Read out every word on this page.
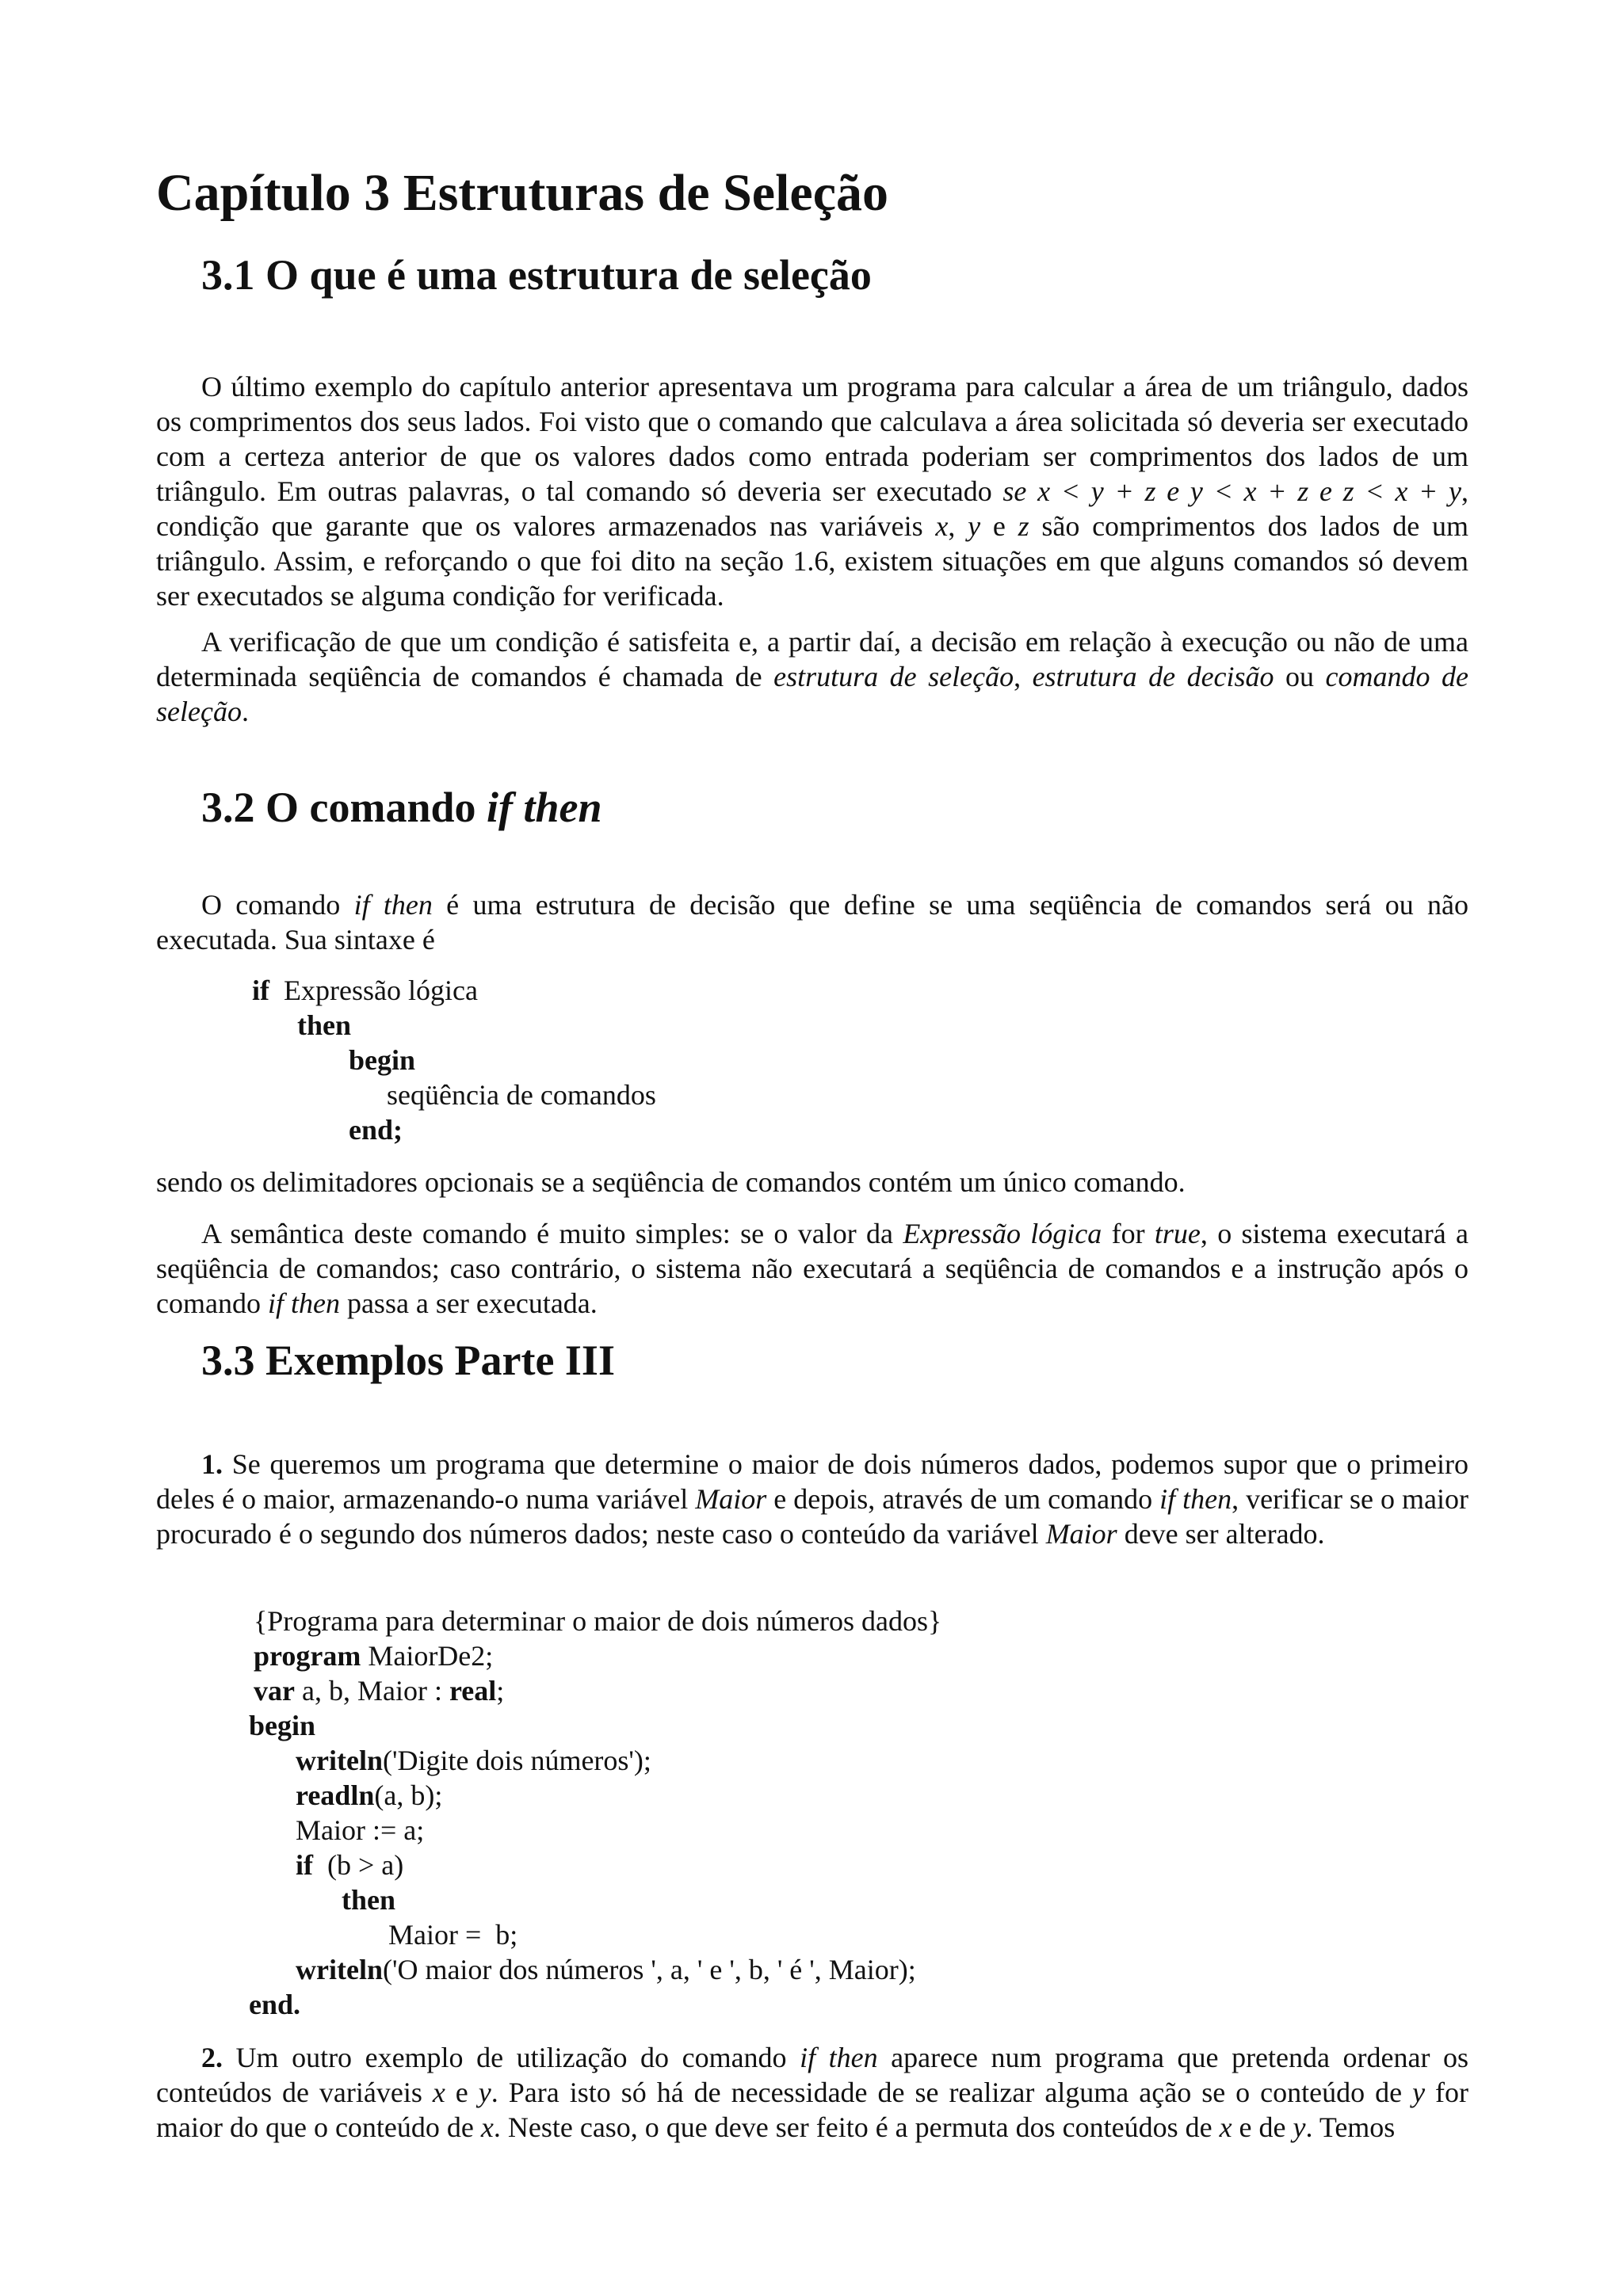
Capítulo 3 Estruturas de Seleção
3.1 O que é uma estrutura de seleção

O último exemplo do capítulo anterior apresentava um programa para calcular a área de um triângulo, dados os comprimentos dos seus lados. Foi visto que o comando que calculava a área solicitada só deveria ser executado com a certeza anterior de que os valores dados como entrada poderiam ser comprimentos dos lados de um triângulo. Em outras palavras, o tal comando só deveria ser executado se x < y + z e y < x + z e z < x + y, condição que garante que os valores armazenados nas variáveis x, y e z são comprimentos dos lados de um triângulo. Assim, e reforçando o que foi dito na seção 1.6, existem situações em que alguns comandos só devem ser executados se alguma condição for verificada.

A verificação de que um condição é satisfeita e, a partir daí, a decisão em relação à execução ou não de uma determinada seqüência de comandos é chamada de estrutura de seleção, estrutura de decisão ou comando de seleção.

3.2 O comando if then

O comando if then é uma estrutura de decisão que define se uma seqüência de comandos será ou não executada. Sua sintaxe é

if  Expressão lógica
then
begin
seqüência de comandos
end;

sendo os delimitadores opcionais se a seqüência de comandos contém um único comando.

A semântica deste comando é muito simples: se o valor da Expressão lógica for true, o sistema executará a seqüência de comandos; caso contrário, o sistema não executará a seqüência de comandos e a instrução após o comando if then passa a ser executada.

3.3 Exemplos Parte III

1. Se queremos um programa que determine o maior de dois números dados, podemos supor que o primeiro deles é o maior, armazenando-o numa variável Maior e depois, através de um comando if then, verificar se o maior procurado é o segundo dos números dados; neste caso o conteúdo da variável Maior deve ser alterado.

{Programa para determinar o maior de dois números dados}
program MaiorDe2;
var a, b, Maior : real;
begin
writeln('Digite dois números');
readln(a, b);
Maior := a;
if  (b > a)
then
Maior =  b;
writeln('O maior dos números ', a, ' e ', b, ' é ', Maior);
end.

2. Um outro exemplo de utilização do comando if then aparece num programa que pretenda ordenar os conteúdos de variáveis x e y. Para isto só há de necessidade de se realizar alguma ação se o conteúdo de y for maior do que o conteúdo de x. Neste caso, o que deve ser feito é a permuta dos conteúdos de x e de y. Temos
